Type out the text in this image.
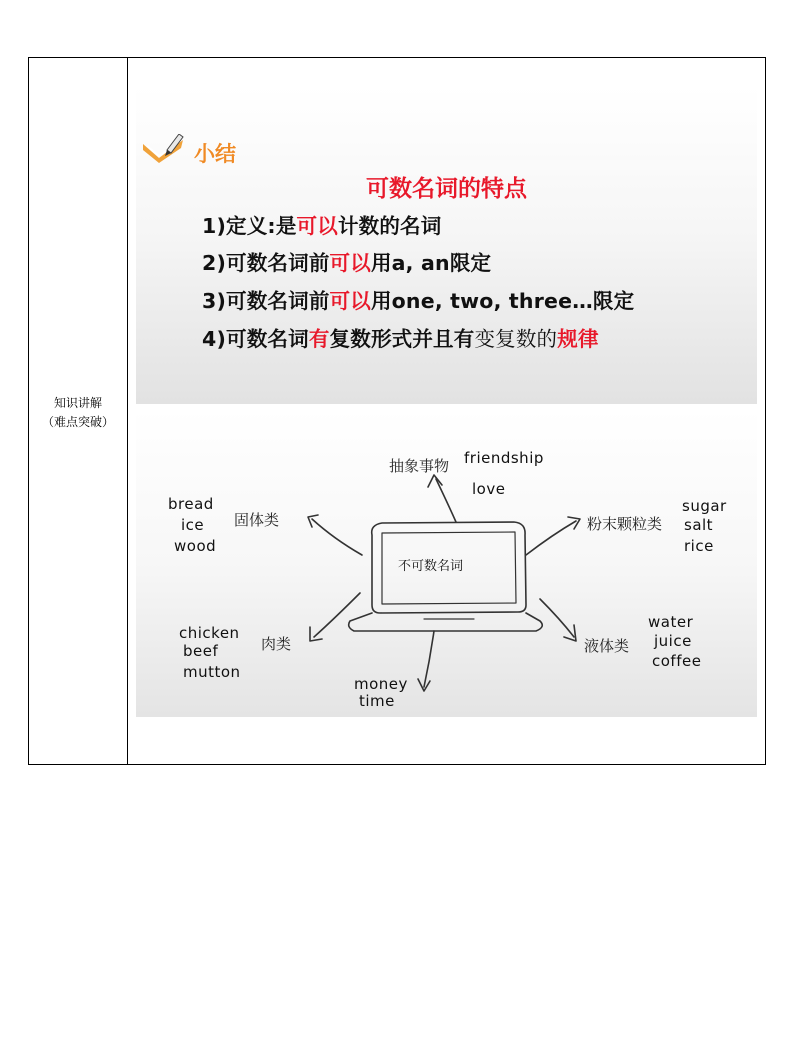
知识讲解
（难点突破）
小结
可数名词的特点
1)定义:是可以计数的名词
2)可数名词前可以用a, an限定
3)可数名词前可以用one, two, three…限定
4)可数名词有复数形式并且有变复数的规律
不可数名词
抽象事物 friendship
love
固体类
bread
ice
wood
粉末颗粒类
sugar
salt
rice
肉类
chicken
beef
mutton
液体类
water
juice
coffee
money
time
